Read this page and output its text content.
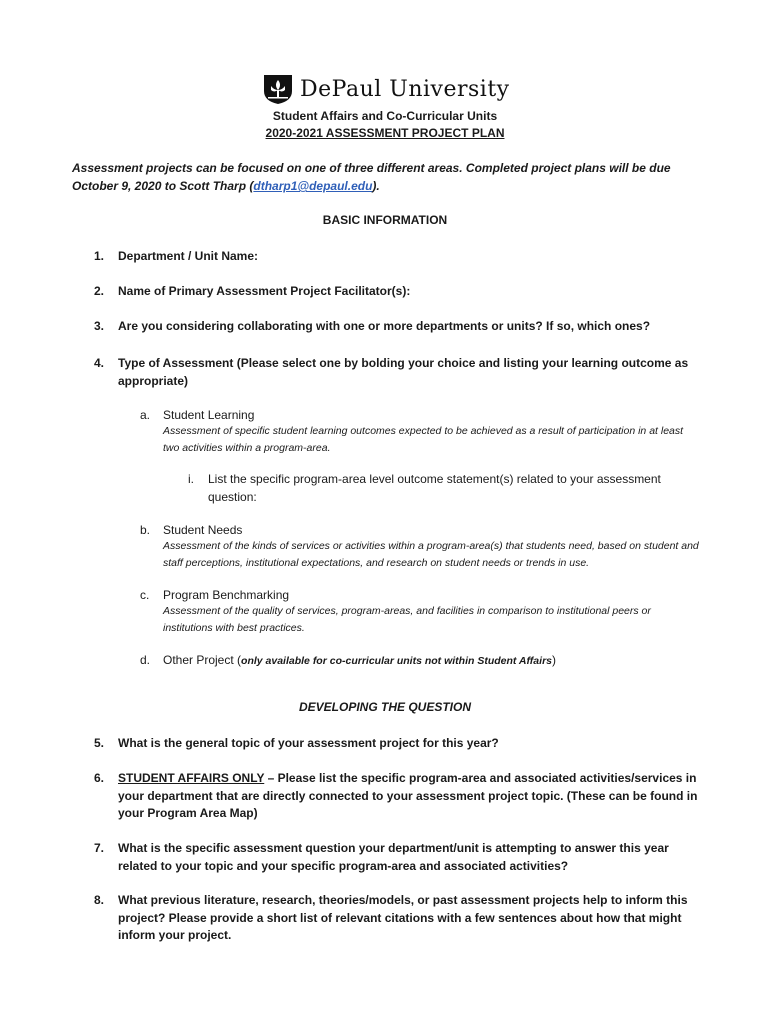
DePaul University
Student Affairs and Co-Curricular Units
2020-2021 ASSESSMENT PROJECT PLAN
Assessment projects can be focused on one of three different areas. Completed project plans will be due October 9, 2020 to Scott Tharp (dtharp1@depaul.edu).
BASIC INFORMATION
1.	Department / Unit Name:
2.	Name of Primary Assessment Project Facilitator(s):
3.	Are you considering collaborating with one or more departments or units? If so, which ones?
4.	Type of Assessment (Please select one by bolding your choice and listing your learning outcome as appropriate)
a. Student Learning
Assessment of specific student learning outcomes expected to be achieved as a result of participation in at least two activities within a program-area.
i. List the specific program-area level outcome statement(s) related to your assessment question:
b. Student Needs
Assessment of the kinds of services or activities within a program-area(s) that students need, based on student and staff perceptions, institutional expectations, and research on student needs or trends in use.
c. Program Benchmarking
Assessment of the quality of services, program-areas, and facilities in comparison to institutional peers or institutions with best practices.
d. Other Project (only available for co-curricular units not within Student Affairs)
DEVELOPING THE QUESTION
5.	What is the general topic of your assessment project for this year?
6.	STUDENT AFFAIRS ONLY – Please list the specific program-area and associated activities/services in your department that are directly connected to your assessment project topic. (These can be found in your Program Area Map)
7.	What is the specific assessment question your department/unit is attempting to answer this year related to your topic and your specific program-area and associated activities?
8.	What previous literature, research, theories/models, or past assessment projects help to inform this project? Please provide a short list of relevant citations with a few sentences about how that might inform your project.
